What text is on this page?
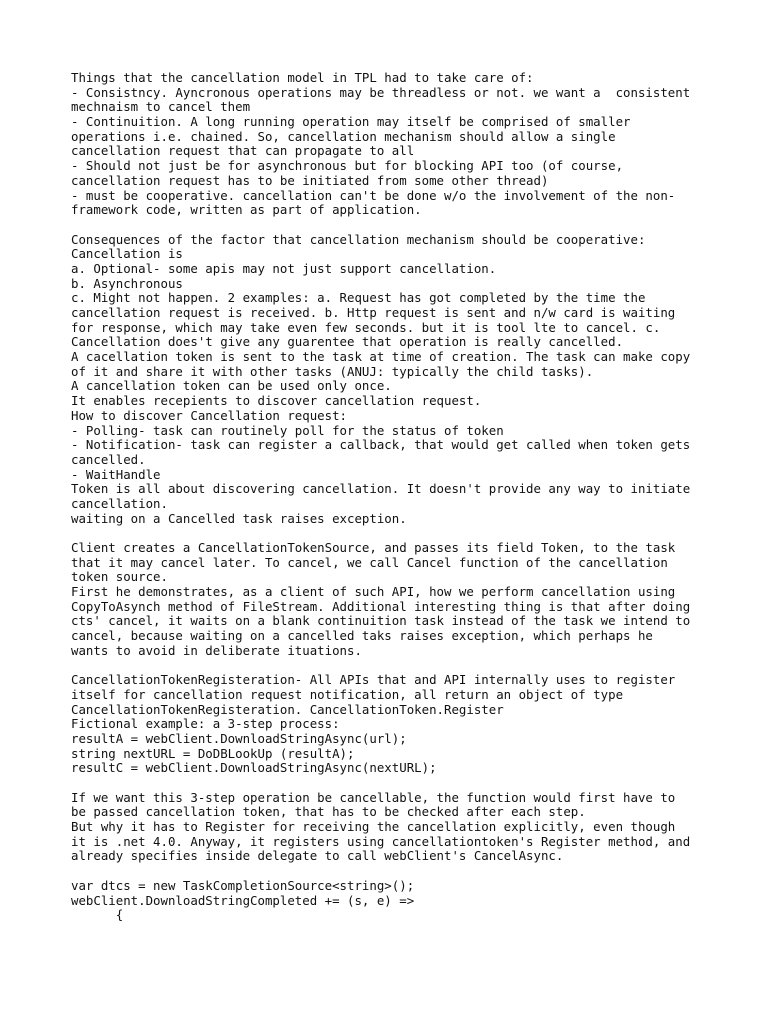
Things that the cancellation model in TPL had to take care of:
- Consistncy. Ayncronous operations may be threadless or not. we want a  consistent
mechnaism to cancel them
- Continuition. A long running operation may itself be comprised of smaller
operations i.e. chained. So, cancellation mechanism should allow a single
cancellation request that can propagate to all
- Should not just be for asynchronous but for blocking API too (of course,
cancellation request has to be initiated from some other thread)
- must be cooperative. cancellation can't be done w/o the involvement of the non-
framework code, written as part of application.
Consequences of the factor that cancellation mechanism should be cooperative:
Cancellation is
a. Optional- some apis may not just support cancellation.
b. Asynchronous
c. Might not happen. 2 examples: a. Request has got completed by the time the
cancellation request is received. b. Http request is sent and n/w card is waiting
for response, which may take even few seconds. but it is tool lte to cancel. c.
Cancellation does't give any guarentee that operation is really cancelled.
A cacellation token is sent to the task at time of creation. The task can make copy
of it and share it with other tasks (ANUJ: typically the child tasks).
A cancellation token can be used only once.
It enables recepients to discover cancellation request.
How to discover Cancellation request:
- Polling- task can routinely poll for the status of token
- Notification- task can register a callback, that would get called when token gets
cancelled.
- WaitHandle
Token is all about discovering cancellation. It doesn't provide any way to initiate
cancellation.
waiting on a Cancelled task raises exception.
Client creates a CancellationTokenSource, and passes its field Token, to the task
that it may cancel later. To cancel, we call Cancel function of the cancellation
token source.
First he demonstrates, as a client of such API, how we perform cancellation using
CopyToAsynch method of FileStream. Additional interesting thing is that after doing
cts' cancel, it waits on a blank continuition task instead of the task we intend to
cancel, because waiting on a cancelled taks raises exception, which perhaps he
wants to avoid in deliberate ituations.
CancellationTokenRegisteration- All APIs that and API internally uses to register
itself for cancellation request notification, all return an object of type
CancellationTokenRegisteration. CancellationToken.Register
Fictional example: a 3-step process:
resultA = webClient.DownloadStringAsync(url);
string nextURL = DoDBLookUp (resultA);
resultC = webClient.DownloadStringAsync(nextURL);
If we want this 3-step operation be cancellable, the function would first have to
be passed cancellation token, that has to be checked after each step.
But why it has to Register for receiving the cancellation explicitly, even though
it is .net 4.0. Anyway, it registers using cancellationtoken's Register method, and
already specifies inside delegate to call webClient's CancelAsync.
var dtcs = new TaskCompletionSource<string>();
webClient.DownloadStringCompleted += (s, e) =>
{
